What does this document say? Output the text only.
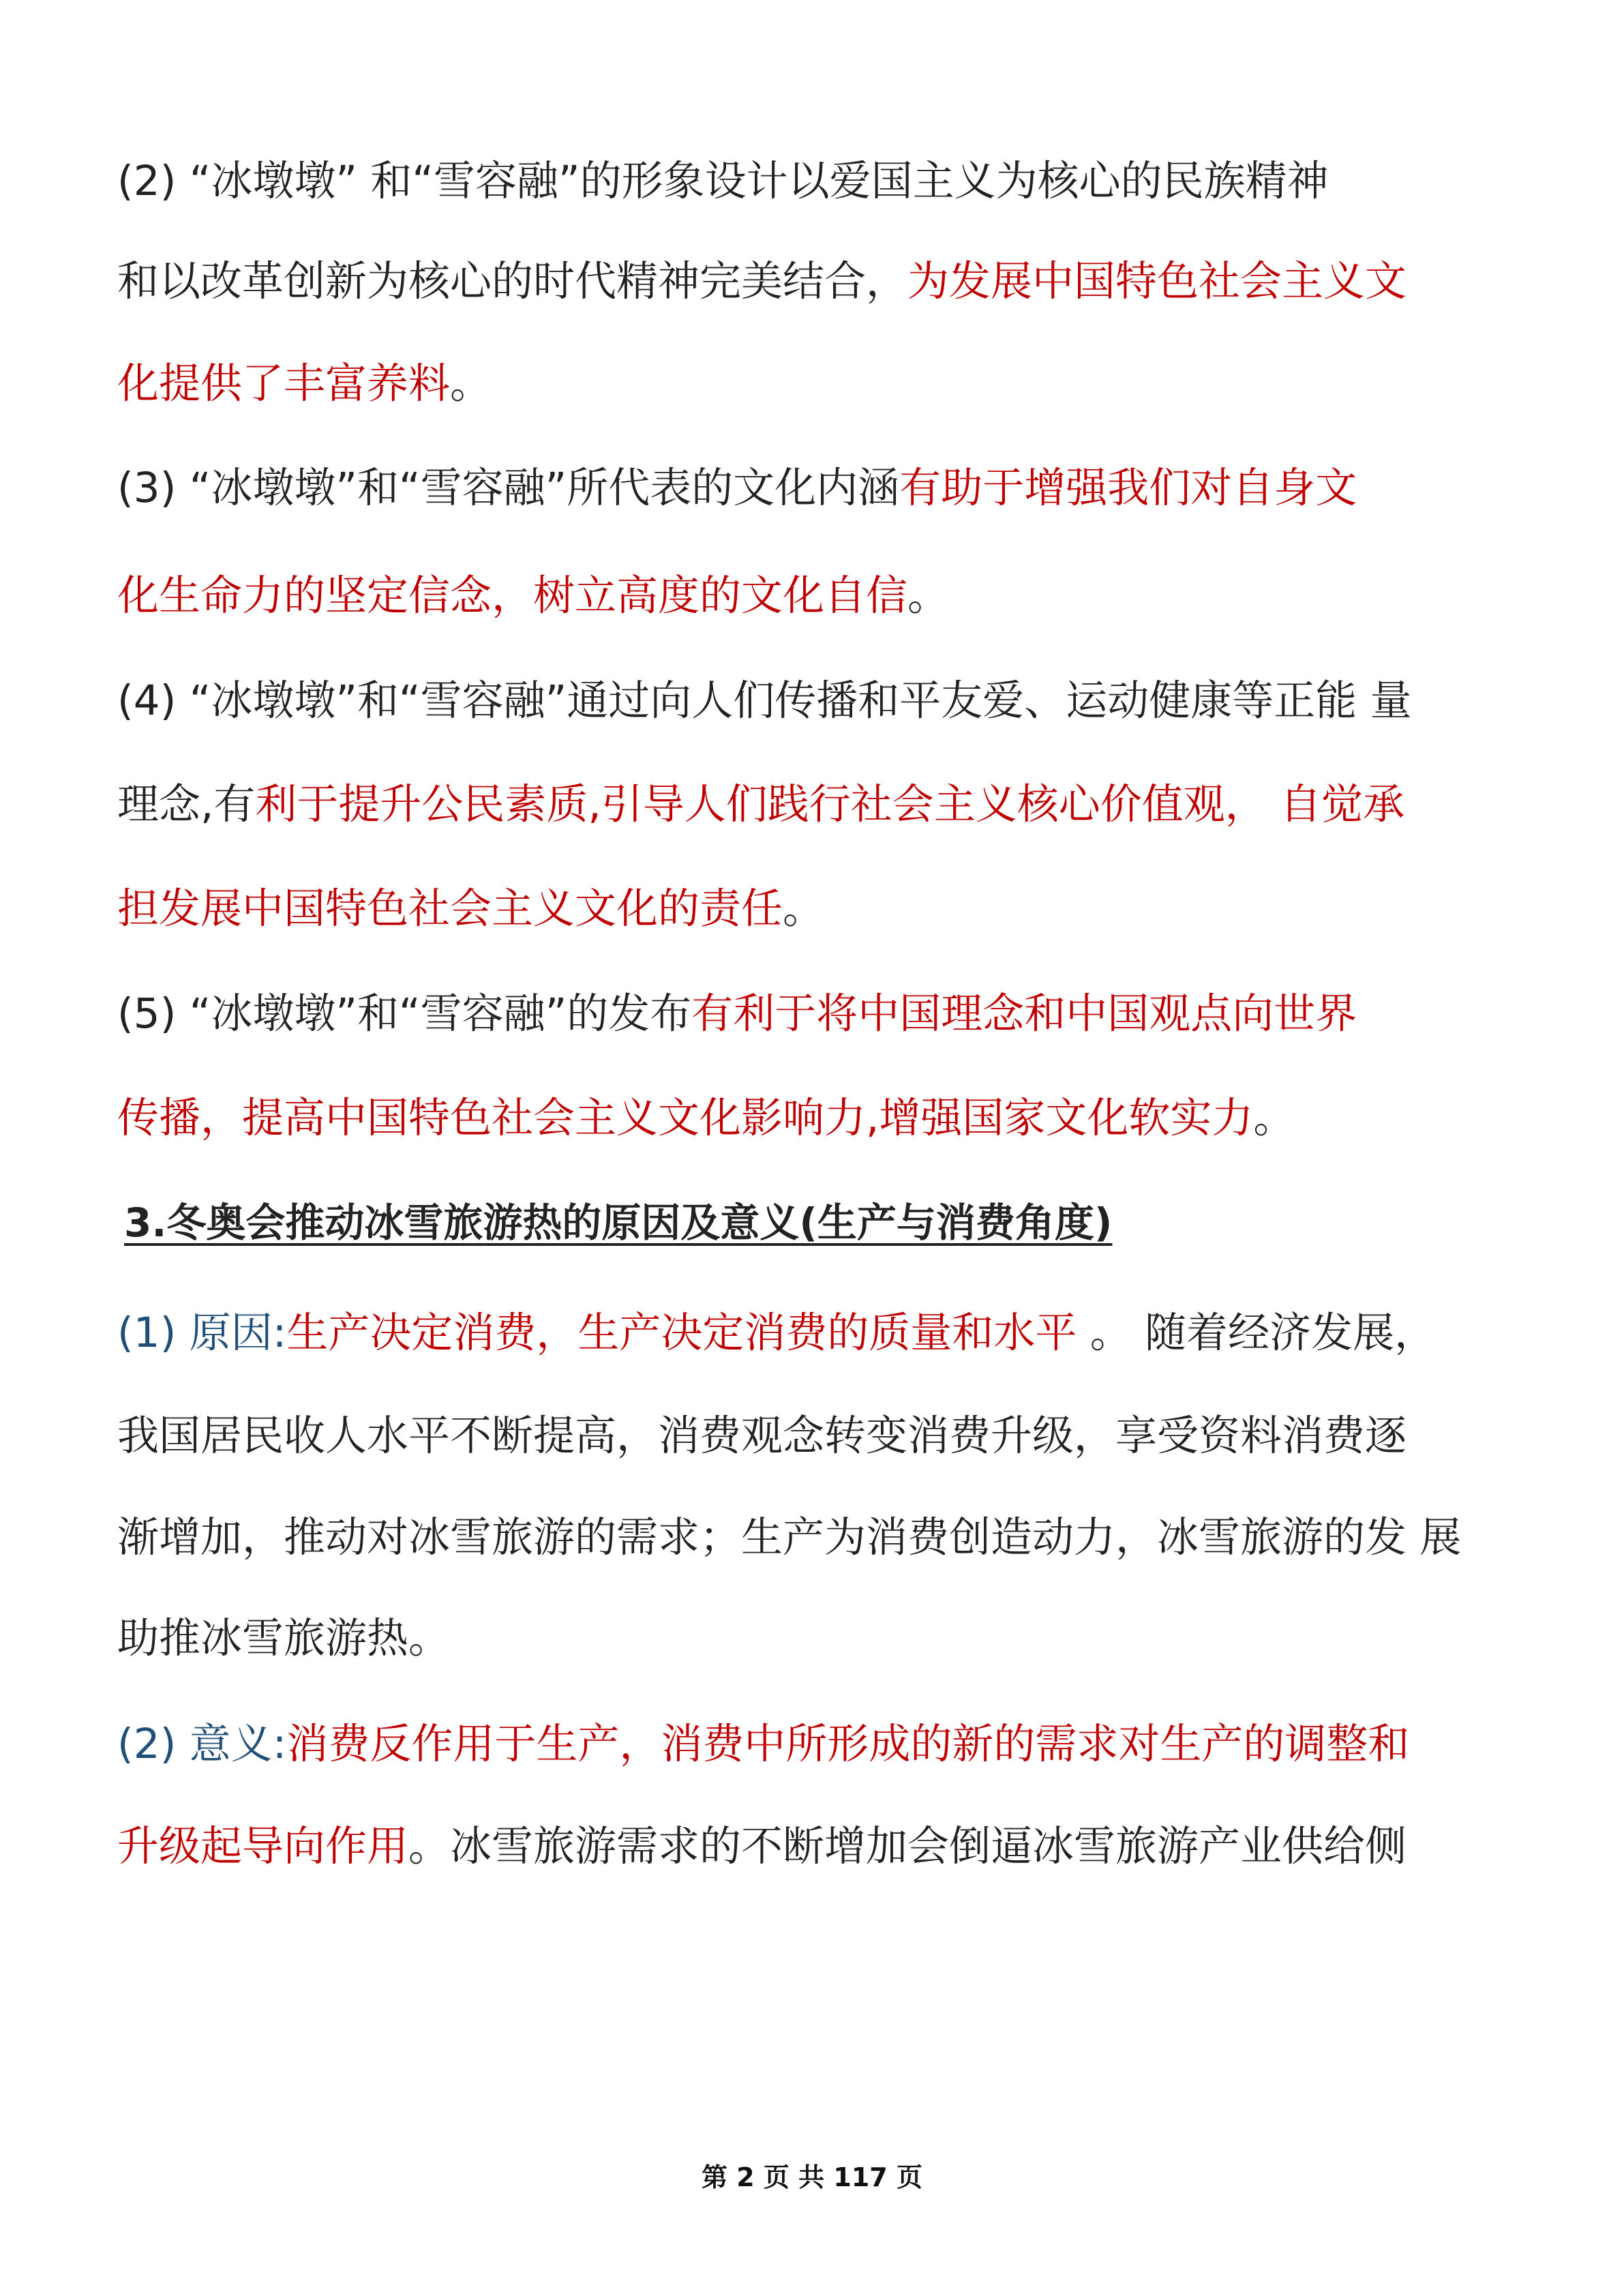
(2) “冰墩墩” 和“雪容融”的形象设计以爱国主义为核心的民族精神
和以改革创新为核心的时代精神完美结合，为发展中国特色社会主义文
化提供了丰富养料。
(3) “冰墩墩”和“雪容融”所代表的文化内涵有助于增强我们对自身文
化生命力的坚定信念，树立高度的文化自信。
(4) “冰墩墩”和“雪容融”通过向人们传播和平友爱、运动健康等正能 量
理念,有利于提升公民素质,引导人们践行社会主义核心价值观， 自觉承
担发展中国特色社会主义文化的责任。
(5) “冰墩墩”和“雪容融”的发布有利于将中国理念和中国观点向世界
传播，提高中国特色社会主义文化影响力,增强国家文化软实力。
3.冬奥会推动冰雪旅游热的原因及意义(生产与消费角度)
(1) 原因:生产决定消费，生产决定消费的质量和水平 。 随着经济发展，
我国居民收人水平不断提高，消费观念转变消费升级，享受资料消费逐
渐增加，推动对冰雪旅游的需求；生产为消费创造动力，冰雪旅游的发 展
助推冰雪旅游热。
(2) 意义:消费反作用于生产，消费中所形成的新的需求对生产的调整和
升级起导向作用。冰雪旅游需求的不断增加会倒逼冰雪旅游产业供给侧
第 2 页 共 117 页
